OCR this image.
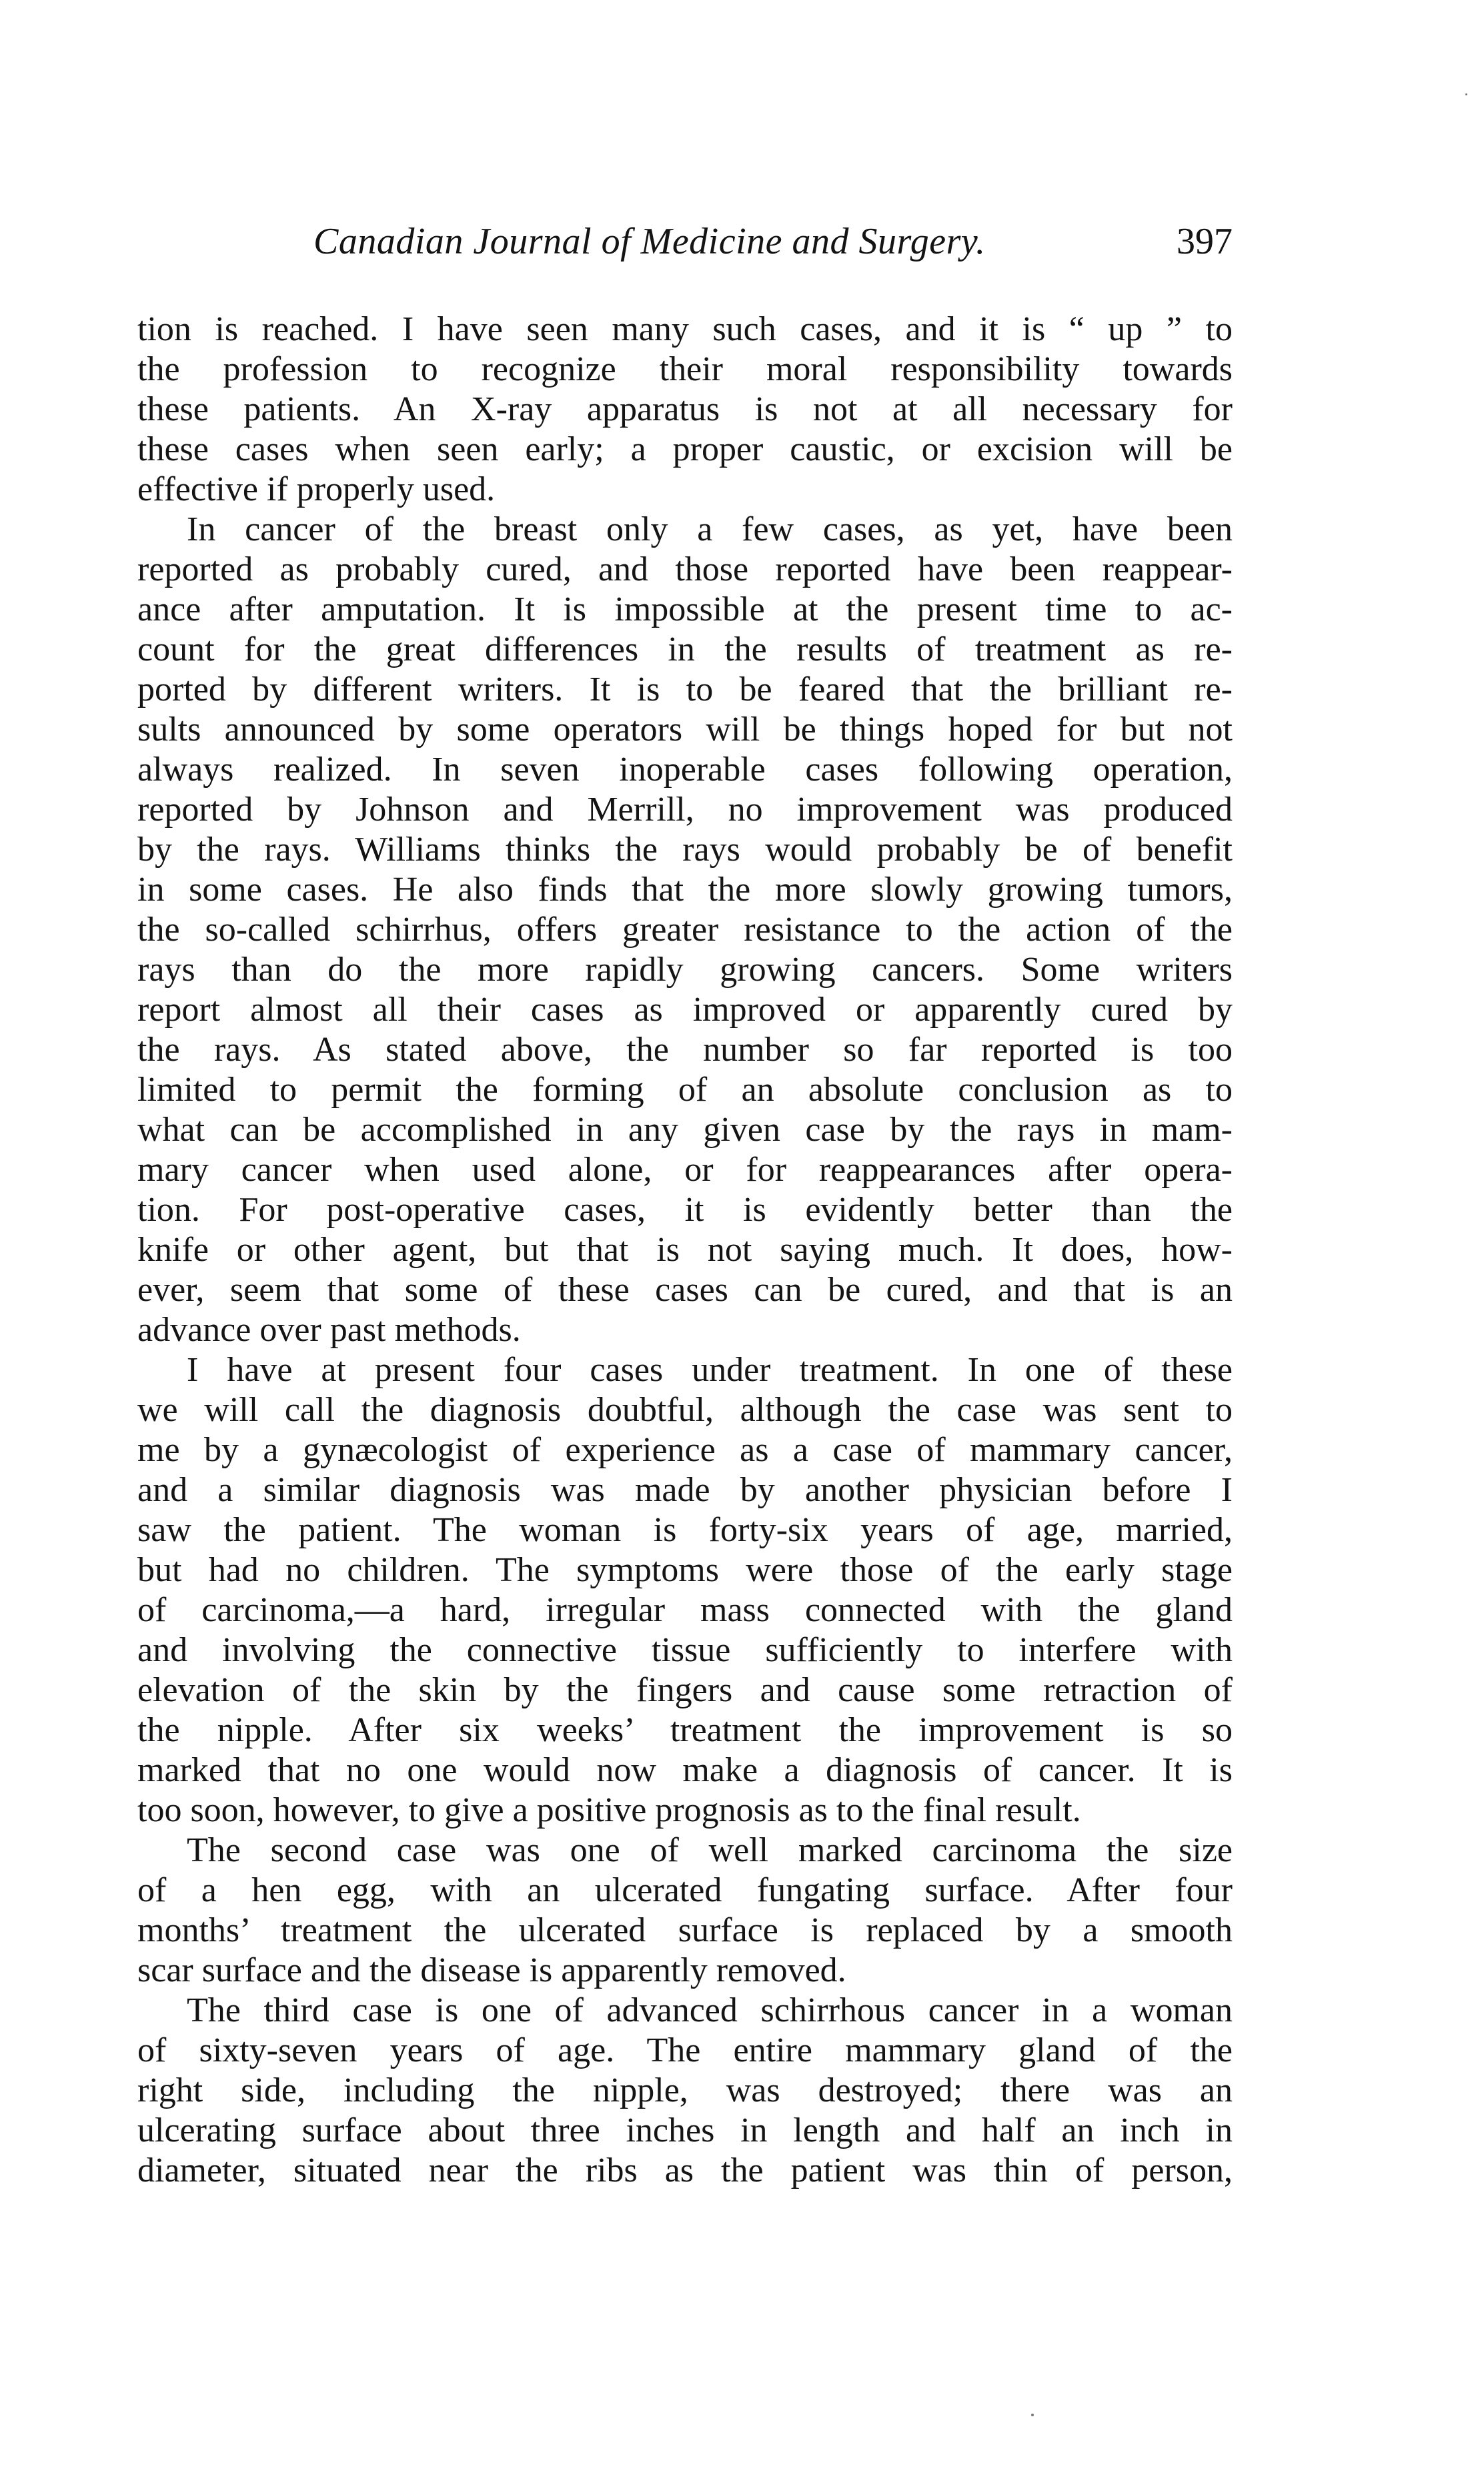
Canadian Journal of Medicine and Surgery.	397
tion is reached. I have seen many such cases, and it is “ up ” to
the profession to recognize their moral responsibility towards
these patients. An X-ray apparatus is not at all necessary for
these cases when seen early; a proper caustic, or excision will be
effective if properly used.
In cancer of the breast only a few cases, as yet, have been
reported as probably cured, and those reported have been reappear-
ance after amputation. It is impossible at the present time to ac-
count for the great differences in the results of treatment as re-
ported by different writers. It is to be feared that the brilliant re-
sults announced by some operators will be things hoped for but not
always realized. In seven inoperable cases following operation,
reported by Johnson and Merrill, no improvement was produced
by the rays. Williams thinks the rays would probably be of benefit
in some cases. He also finds that the more slowly growing tumors,
the so-called schirrhus, offers greater resistance to the action of the
rays than do the more rapidly growing cancers. Some writers
report almost all their cases as improved or apparently cured by
the rays. As stated above, the number so far reported is too
limited to permit the forming of an absolute conclusion as to
what can be accomplished in any given case by the rays in mam-
mary cancer when used alone, or for reappearances after opera-
tion. For post-operative cases, it is evidently better than the
knife or other agent, but that is not saying much. It does, how-
ever, seem that some of these cases can be cured, and that is an
advance over past methods.
I have at present four cases under treatment. In one of these
we will call the diagnosis doubtful, although the case was sent to
me by a gynæcologist of experience as a case of mammary cancer,
and a similar diagnosis was made by another physician before I
saw the patient. The woman is forty-six years of age, married,
but had no children. The symptoms were those of the early stage
of carcinoma,—a hard, irregular mass connected with the gland
and involving the connective tissue sufficiently to interfere with
elevation of the skin by the fingers and cause some retraction of
the nipple. After six weeks’ treatment the improvement is so
marked that no one would now make a diagnosis of cancer. It is
too soon, however, to give a positive prognosis as to the final result.
The second case was one of well marked carcinoma the size
of a hen egg, with an ulcerated fungating surface. After four
months’ treatment the ulcerated surface is replaced by a smooth
scar surface and the disease is apparently removed.
The third case is one of advanced schirrhous cancer in a woman
of sixty-seven years of age. The entire mammary gland of the
right side, including the nipple, was destroyed; there was an
ulcerating surface about three inches in length and half an inch in
diameter, situated near the ribs as the patient was thin of person,
